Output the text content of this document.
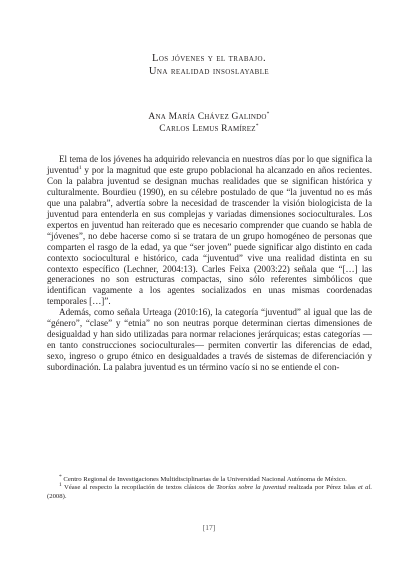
Los jóvenes y el trabajo.
Una realidad insoslayable
Ana María Chávez Galindo*
Carlos Lemus Ramírez*

El tema de los jóvenes ha adquirido relevancia en nuestros días por lo que significa la juventud$^1$ y por la magnitud que este grupo poblacional ha alcanzado en años recientes. Con la palabra juventud se designan muchas realidades que se significan histórica y culturalmente. Bourdieu (1990), en su célebre postulado de que “la juventud no es más que una palabra”, advertía sobre la necesidad de trascender la visión biologicista de la juventud para entenderla en sus complejas y variadas dimensiones socioculturales. Los expertos en juventud han reiterado que es necesario comprender que cuando se habla de “jóvenes”, no debe hacerse como si se tratara de un grupo homogéneo de personas que comparten el rasgo de la edad, ya que “ser joven” puede significar algo distinto en cada contexto sociocultural e histórico, cada “juventud” vive una realidad distinta en su contexto específico (Lechner, 2004:13). Carles Feixa (2003:22) señala que “[…] las generaciones no son estructuras compactas, sino sólo referentes simbólicos que identifican vagamente a los agentes socializados en unas mismas coordenadas temporales […]”.

Además, como señala Urteaga (2010:16), la categoría “juventud” al igual que las de “género”, “clase” y “etnia” no son neutras porque determinan ciertas dimensiones de desigualdad y han sido utilizadas para normar relaciones jerárquicas; estas categorías —en tanto construcciones socioculturales— permiten convertir las diferencias de edad, sexo, ingreso o grupo étnico en desigualdades a través de sistemas de diferenciación y subordinación. La palabra juventud es un término vacío si no se entiende el con-

* Centro Regional de Investigaciones Multidisciplinarias de la Universidad Nacional Autónoma de México.

$^1$ Véase al respecto la recopilación de textos clásicos de Teorías sobre la juventud realizada por Pérez Islas et al. (2008).

[17]
